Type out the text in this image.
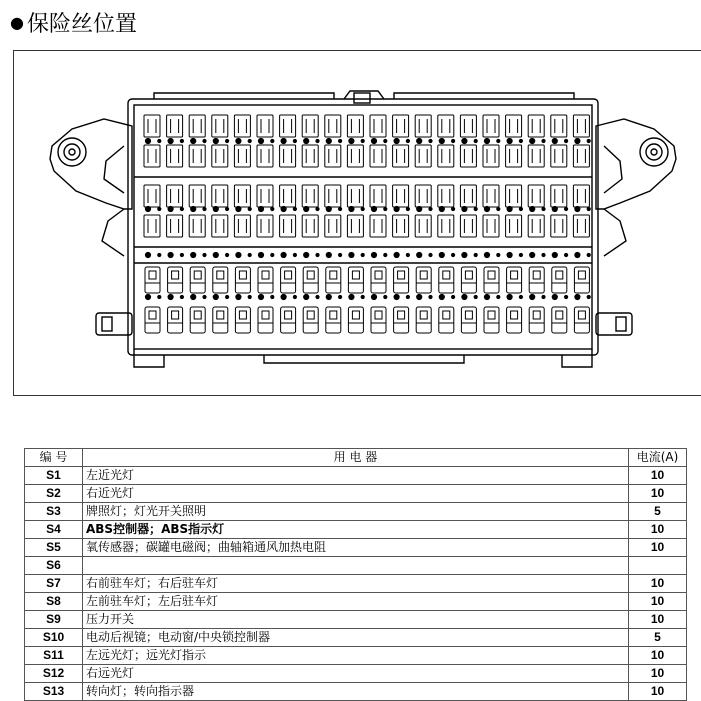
● 保险丝位置
编 号	用 电 器	电流(A)
S1	左近光灯	10
S2	右近光灯	10
S3	牌照灯；灯光开关照明	5
S4	ABS控制器；ABS指示灯	10
S5	氧传感器；碳罐电磁阀；曲轴箱通风加热电阻	10
S6		
S7	右前驻车灯；右后驻车灯	10
S8	左前驻车灯；左后驻车灯	10
S9	压力开关	10
S10	电动后视镜；电动窗/中央锁控制器	5
S11	左远光灯；远光灯指示	10
S12	右远光灯	10
S13	转向灯；转向指示器	10
